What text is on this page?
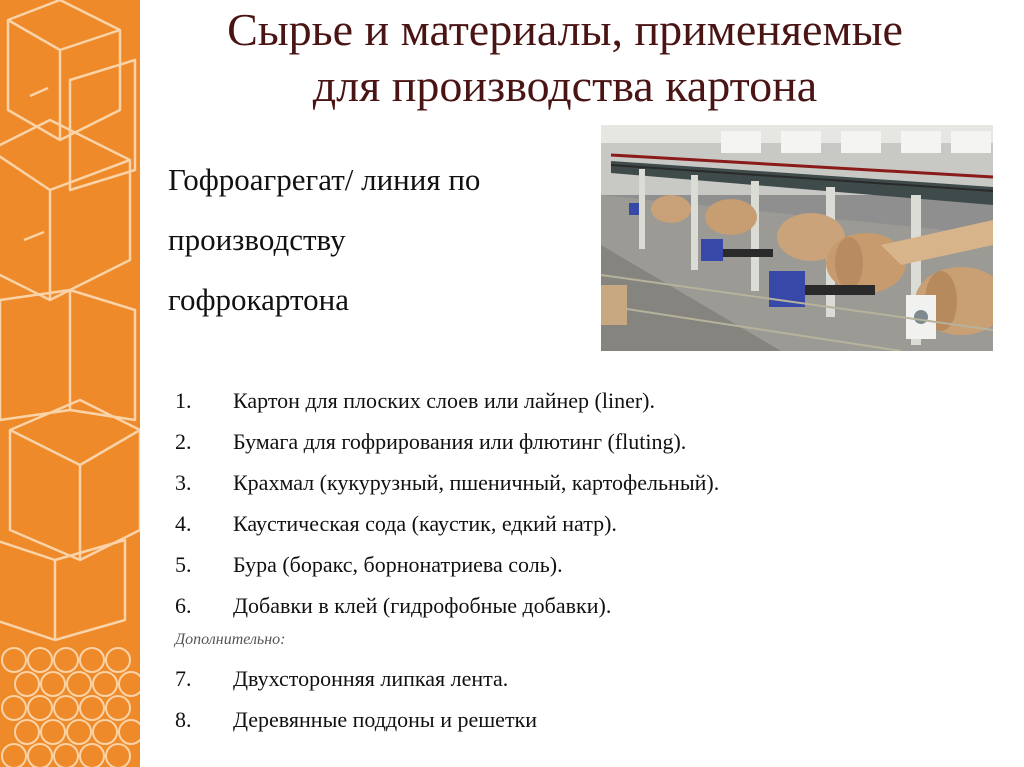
Сырье и материалы, применяемые
для производства картона
Гофроагрегат/ линия по
производству
гофрокартона
1.	Картон для плоских слоев или лайнер (liner).
2.	Бумага для гофрирования или флютинг (fluting).
3.	Крахмал (кукурузный, пшеничный, картофельный).
4.	Каустическая сода (каустик, едкий натр).
5.	Бура (боракс, борнонатриева соль).
6.	Добавки в клей (гидрофобные добавки).
Дополнительно:
7.	Двухсторонняя липкая лента.
8.	Деревянные поддоны и решетки
